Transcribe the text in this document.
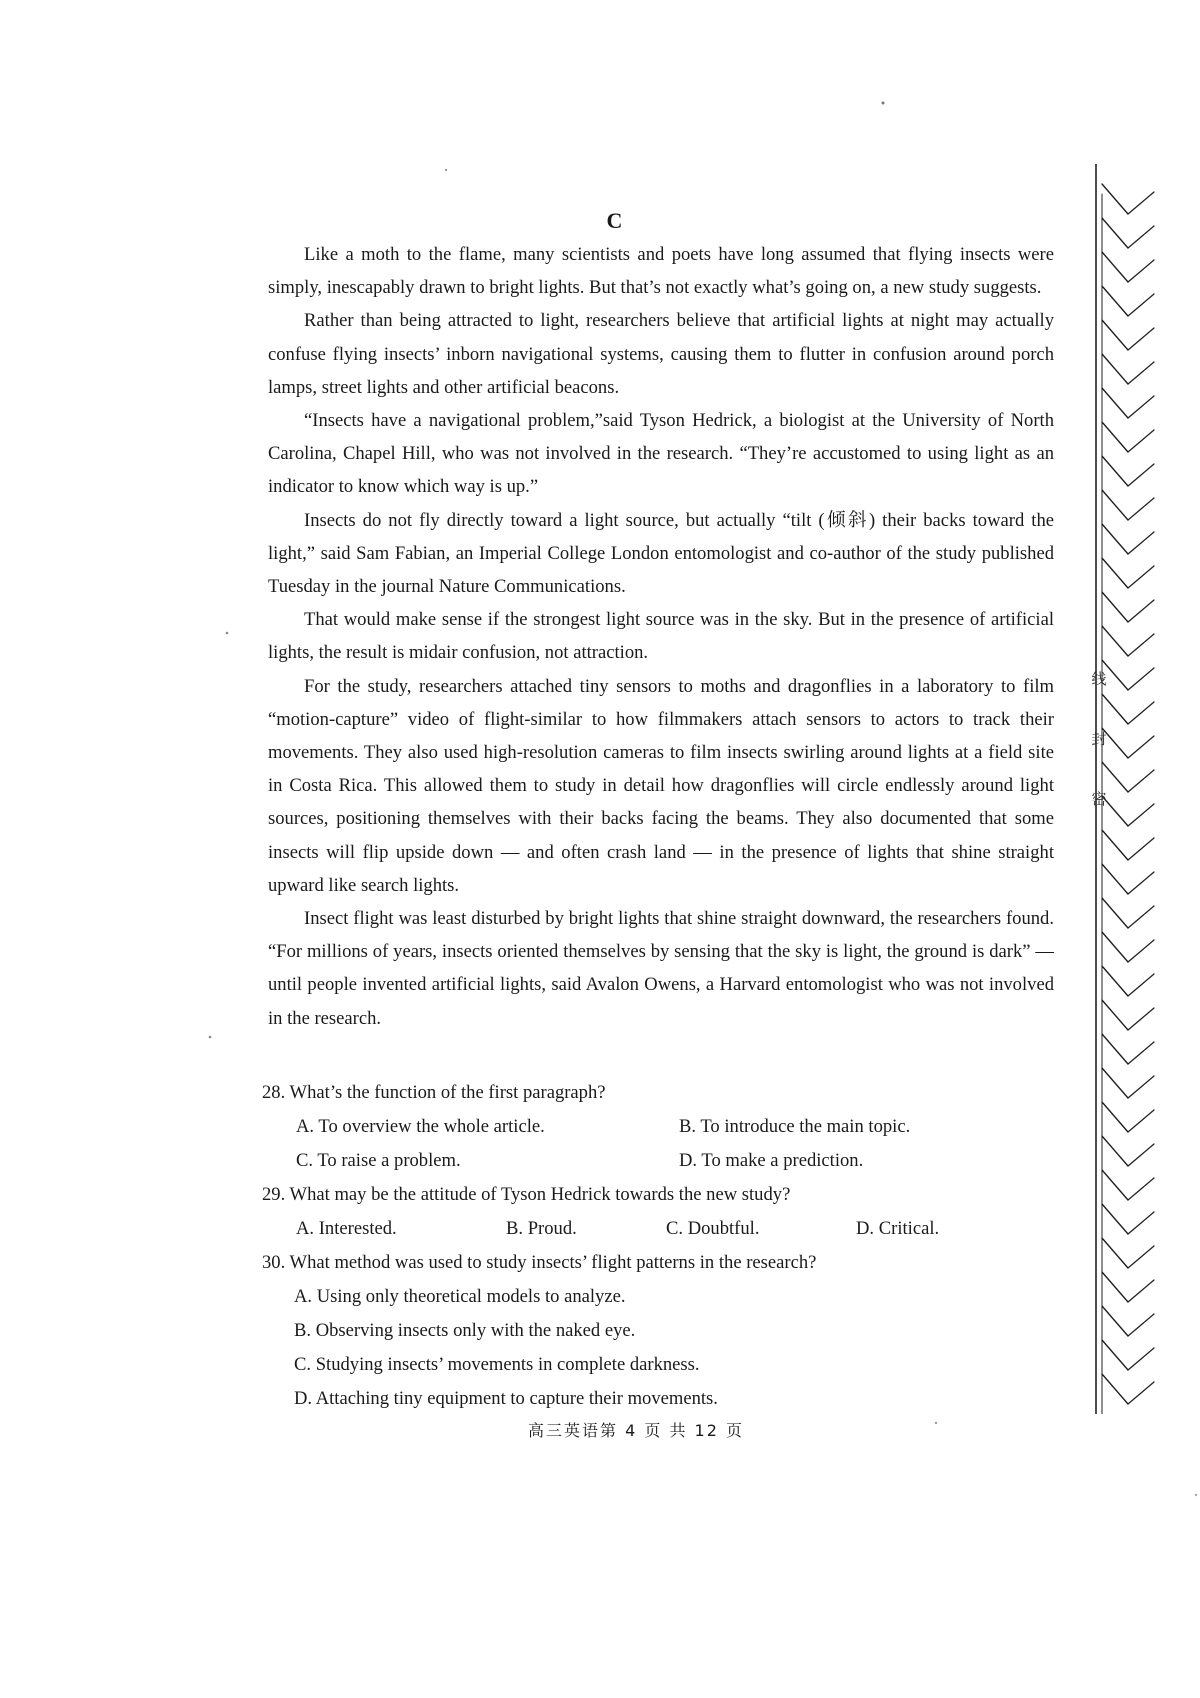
C

Like a moth to the flame, many scientists and poets have long assumed that flying insects were simply, inescapably drawn to bright lights. But that’s not exactly what’s going on, a new study suggests.

Rather than being attracted to light, researchers believe that artificial lights at night may actually confuse flying insects’ inborn navigational systems, causing them to flutter in confusion around porch lamps, street lights and other artificial beacons.

“Insects have a navigational problem,”said Tyson Hedrick, a biologist at the University of North Carolina, Chapel Hill, who was not involved in the research. “They’re accustomed to using light as an indicator to know which way is up.”

Insects do not fly directly toward a light source, but actually “tilt (倾斜) their backs toward the light,” said Sam Fabian, an Imperial College London entomologist and co-author of the study published Tuesday in the journal Nature Communications.

That would make sense if the strongest light source was in the sky. But in the presence of artificial lights, the result is midair confusion, not attraction.

For the study, researchers attached tiny sensors to moths and dragonflies in a laboratory to film “motion-capture” video of flight-similar to how filmmakers attach sensors to actors to track their movements. They also used high-resolution cameras to film insects swirling around lights at a field site in Costa Rica. This allowed them to study in detail how dragonflies will circle endlessly around light sources, positioning themselves with their backs facing the beams. They also documented that some insects will flip upside down — and often crash land — in the presence of lights that shine straight upward like search lights.

Insect flight was least disturbed by bright lights that shine straight downward, the researchers found. “For millions of years, insects oriented themselves by sensing that the sky is light, the ground is dark” — until people invented artificial lights, said Avalon Owens, a Harvard entomologist who was not involved in the research.

28. What’s the function of the first paragraph?
A. To overview the whole article.	B. To introduce the main topic.
C. To raise a problem.	D. To make a prediction.
29. What may be the attitude of Tyson Hedrick towards the new study?
A. Interested.	B. Proud.	C. Doubtful.	D. Critical.
30. What method was used to study insects’ flight patterns in the research?
A. Using only theoretical models to analyze.
B. Observing insects only with the naked eye.
C. Studying insects’ movements in complete darkness.
D. Attaching tiny equipment to capture their movements.
高三英语第 4 页 共 12 页
线
封
密
